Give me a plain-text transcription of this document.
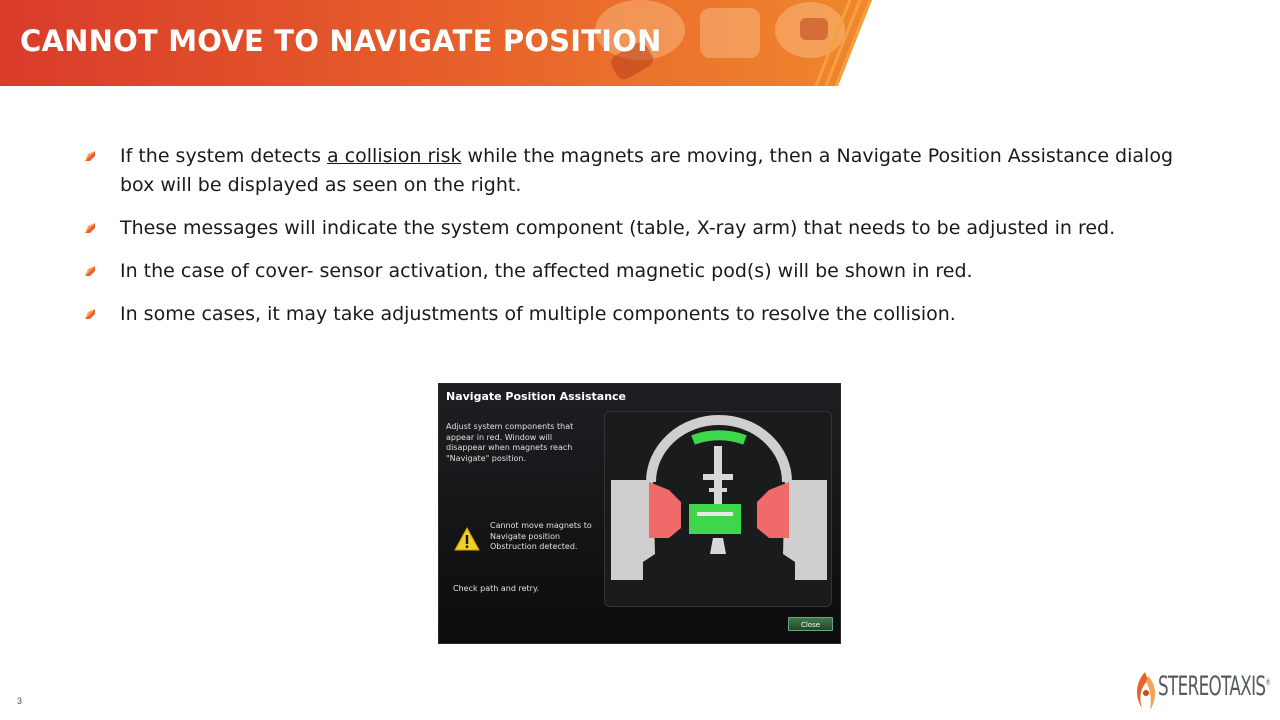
CANNOT MOVE TO NAVIGATE POSITION
If the system detects a collision risk while the magnets are moving, then a Navigate Position Assistance dialog box will be displayed as seen on the right.
These messages will indicate the system component (table, X-ray arm) that needs to be adjusted in red.
In the case of cover- sensor activation, the affected magnetic pod(s) will be shown in red.
In some cases, it may take adjustments of multiple components to resolve the collision.
Navigate Position Assistance
Adjust system components that appear in red. Window will disappear when magnets reach "Navigate" position.
Cannot move magnets to Navigate position Obstruction detected.
Check path and retry.
Close
3	STEREOTAXIS®
